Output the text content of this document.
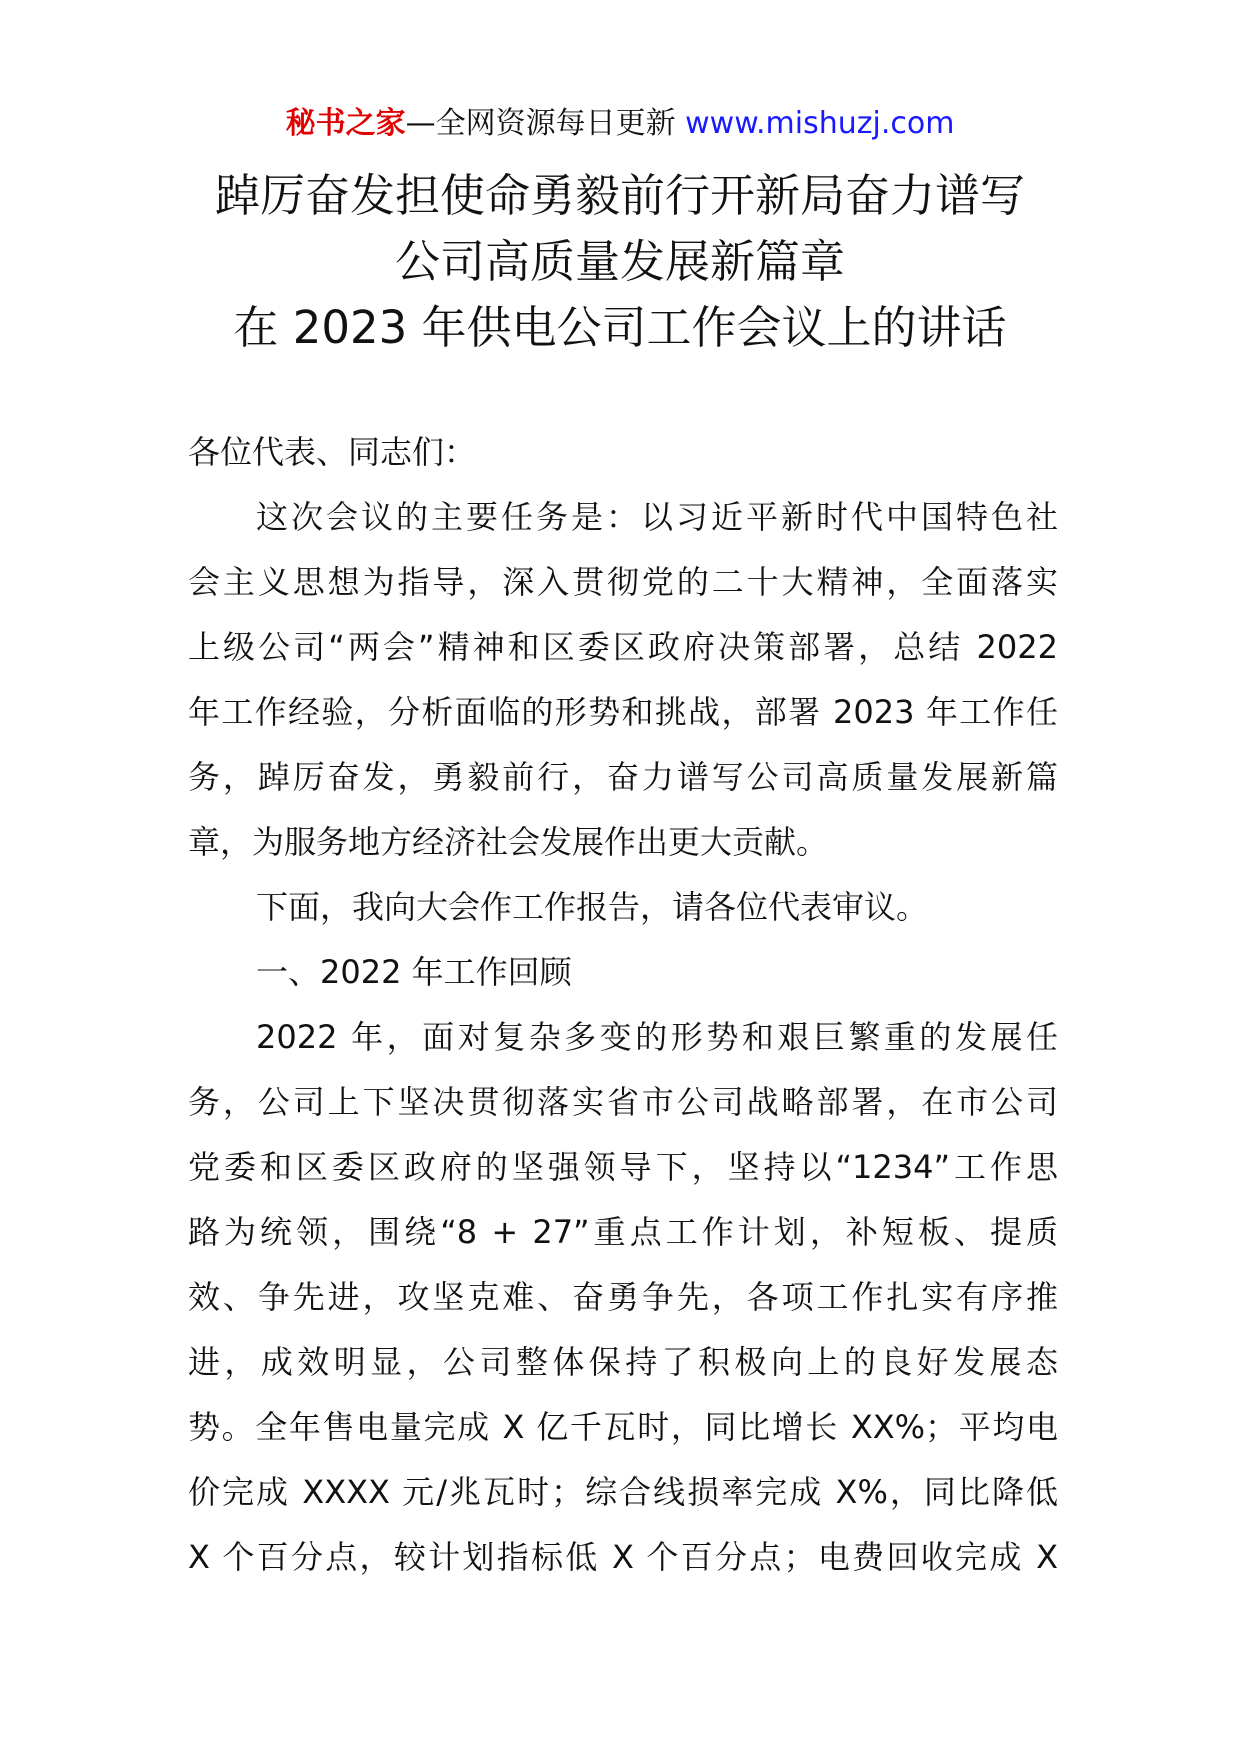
秘书之家—全网资源每日更新 www.mishuzj.com
踔厉奋发担使命勇毅前行开新局奋力谱写
公司高质量发展新篇章
在 2023 年供电公司工作会议上的讲话
各位代表、同志们：
这次会议的主要任务是：以习近平新时代中国特色社
会主义思想为指导，深入贯彻党的二十大精神，全面落实
上级公司“两会”精神和区委区政府决策部署，总结 2022
年工作经验，分析面临的形势和挑战，部署 2023 年工作任
务，踔厉奋发，勇毅前行，奋力谱写公司高质量发展新篇
章，为服务地方经济社会发展作出更大贡献。
下面，我向大会作工作报告，请各位代表审议。
一、2022 年工作回顾
2022 年，面对复杂多变的形势和艰巨繁重的发展任
务，公司上下坚决贯彻落实省市公司战略部署，在市公司
党委和区委区政府的坚强领导下，坚持以“1234”工作思
路为统领，围绕“8 + 27”重点工作计划，补短板、提质
效、争先进，攻坚克难、奋勇争先，各项工作扎实有序推
进，成效明显，公司整体保持了积极向上的良好发展态
势。全年售电量完成 X 亿千瓦时，同比增长 XX%；平均电
价完成 XXXX 元/兆瓦时；综合线损率完成 X%，同比降低
X 个百分点，较计划指标低 X 个百分点；电费回收完成 X
